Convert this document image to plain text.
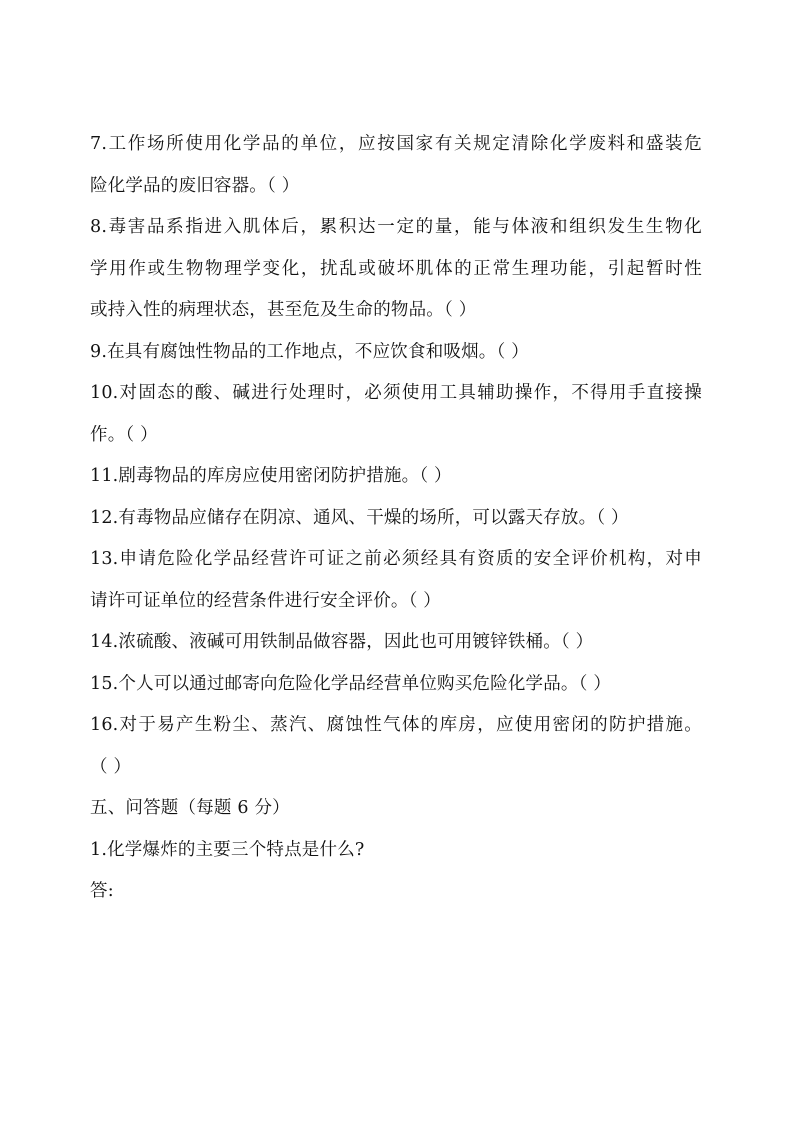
7.工作场所使用化学品的单位，应按国家有关规定清除化学废料和盛装危
险化学品的废旧容器。（ ）
8.毒害品系指进入肌体后，累积达一定的量，能与体液和组织发生生物化
学用作或生物物理学变化，扰乱或破坏肌体的正常生理功能，引起暂时性
或持入性的病理状态，甚至危及生命的物品。（ ）
9.在具有腐蚀性物品的工作地点，不应饮食和吸烟。（ ）
10.对固态的酸、碱进行处理时，必须使用工具辅助操作，不得用手直接操
作。（ ）
11.剧毒物品的库房应使用密闭防护措施。（ ）
12.有毒物品应储存在阴凉、通风、干燥的场所，可以露天存放。（ ）
13.申请危险化学品经营许可证之前必须经具有资质的安全评价机构，对申
请许可证单位的经营条件进行安全评价。（ ）
14.浓硫酸、液碱可用铁制品做容器，因此也可用镀锌铁桶。（ ）
15.个人可以通过邮寄向危险化学品经营单位购买危险化学品。（ ）
16.对于易产生粉尘、蒸汽、腐蚀性气体的库房，应使用密闭的防护措施。
（ ）
五、问答题（每题 6 分）
1.化学爆炸的主要三个特点是什么?
答:
